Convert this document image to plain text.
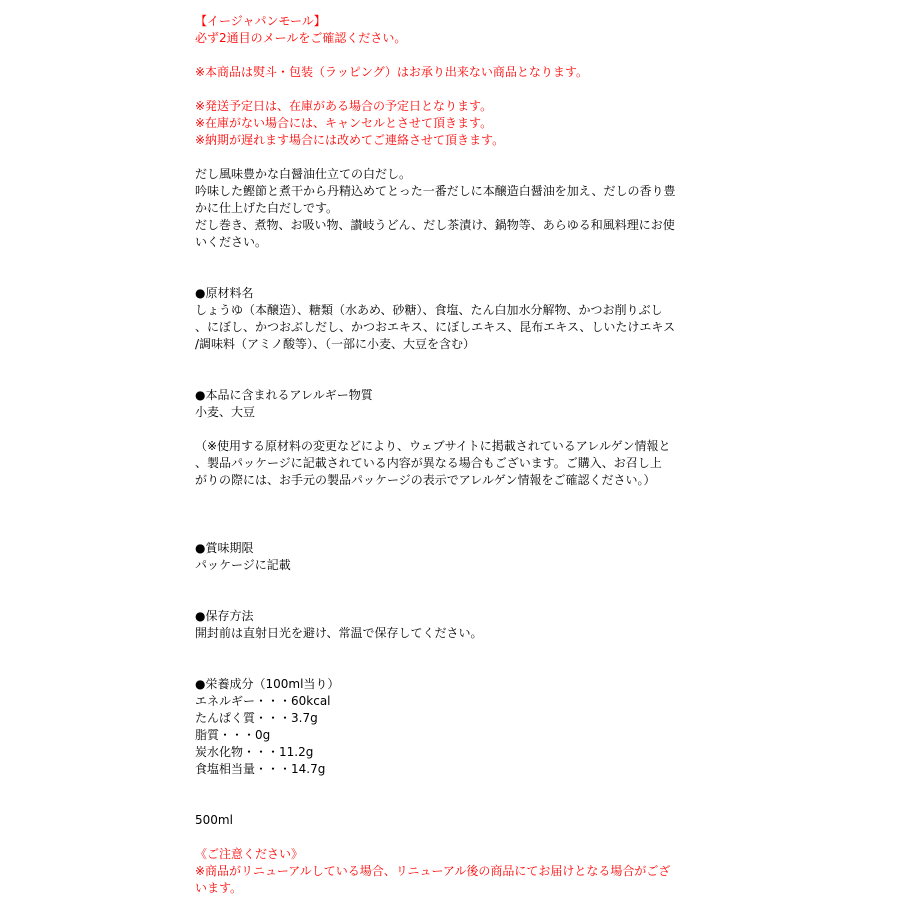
【イージャパンモール】
必ず2通目のメールをご確認ください。
※本商品は熨斗・包装（ラッピング）はお承り出来ない商品となります。
※発送予定日は、在庫がある場合の予定日となります。
※在庫がない場合には、キャンセルとさせて頂きます。
※納期が遅れます場合には改めてご連絡させて頂きます。
だし風味豊かな白醤油仕立ての白だし。
吟味した鰹節と煮干から丹精込めてとった一番だしに本醸造白醤油を加え、だしの香り豊
かに仕上げた白だしです。
だし巻き、煮物、お吸い物、讃岐うどん、だし茶漬け、鍋物等、あらゆる和風料理にお使
いください。
●原材料名
しょうゆ（本醸造）、糖類（水あめ、砂糖）、食塩、たん白加水分解物、かつお削りぶし
、にぼし、かつおぶしだし、かつおエキス、にぼしエキス、昆布エキス、しいたけエキス
/調味料（アミノ酸等）、（一部に小麦、大豆を含む）
●本品に含まれるアレルギー物質
小麦、大豆
（※使用する原材料の変更などにより、ウェブサイトに掲載されているアレルゲン情報と
、製品パッケージに記載されている内容が異なる場合もございます。ご購入、お召し上
がりの際には、お手元の製品パッケージの表示でアレルゲン情報をご確認ください。）
●賞味期限
パッケージに記載
●保存方法
開封前は直射日光を避け、常温で保存してください。
●栄養成分（100ml当り）
エネルギー・・・60kcal
たんぱく質・・・3.7g
脂質・・・0g
炭水化物・・・11.2g
食塩相当量・・・14.7g
500ml
《ご注意ください》
※商品がリニューアルしている場合、リニューアル後の商品にてお届けとなる場合がござ
います。
